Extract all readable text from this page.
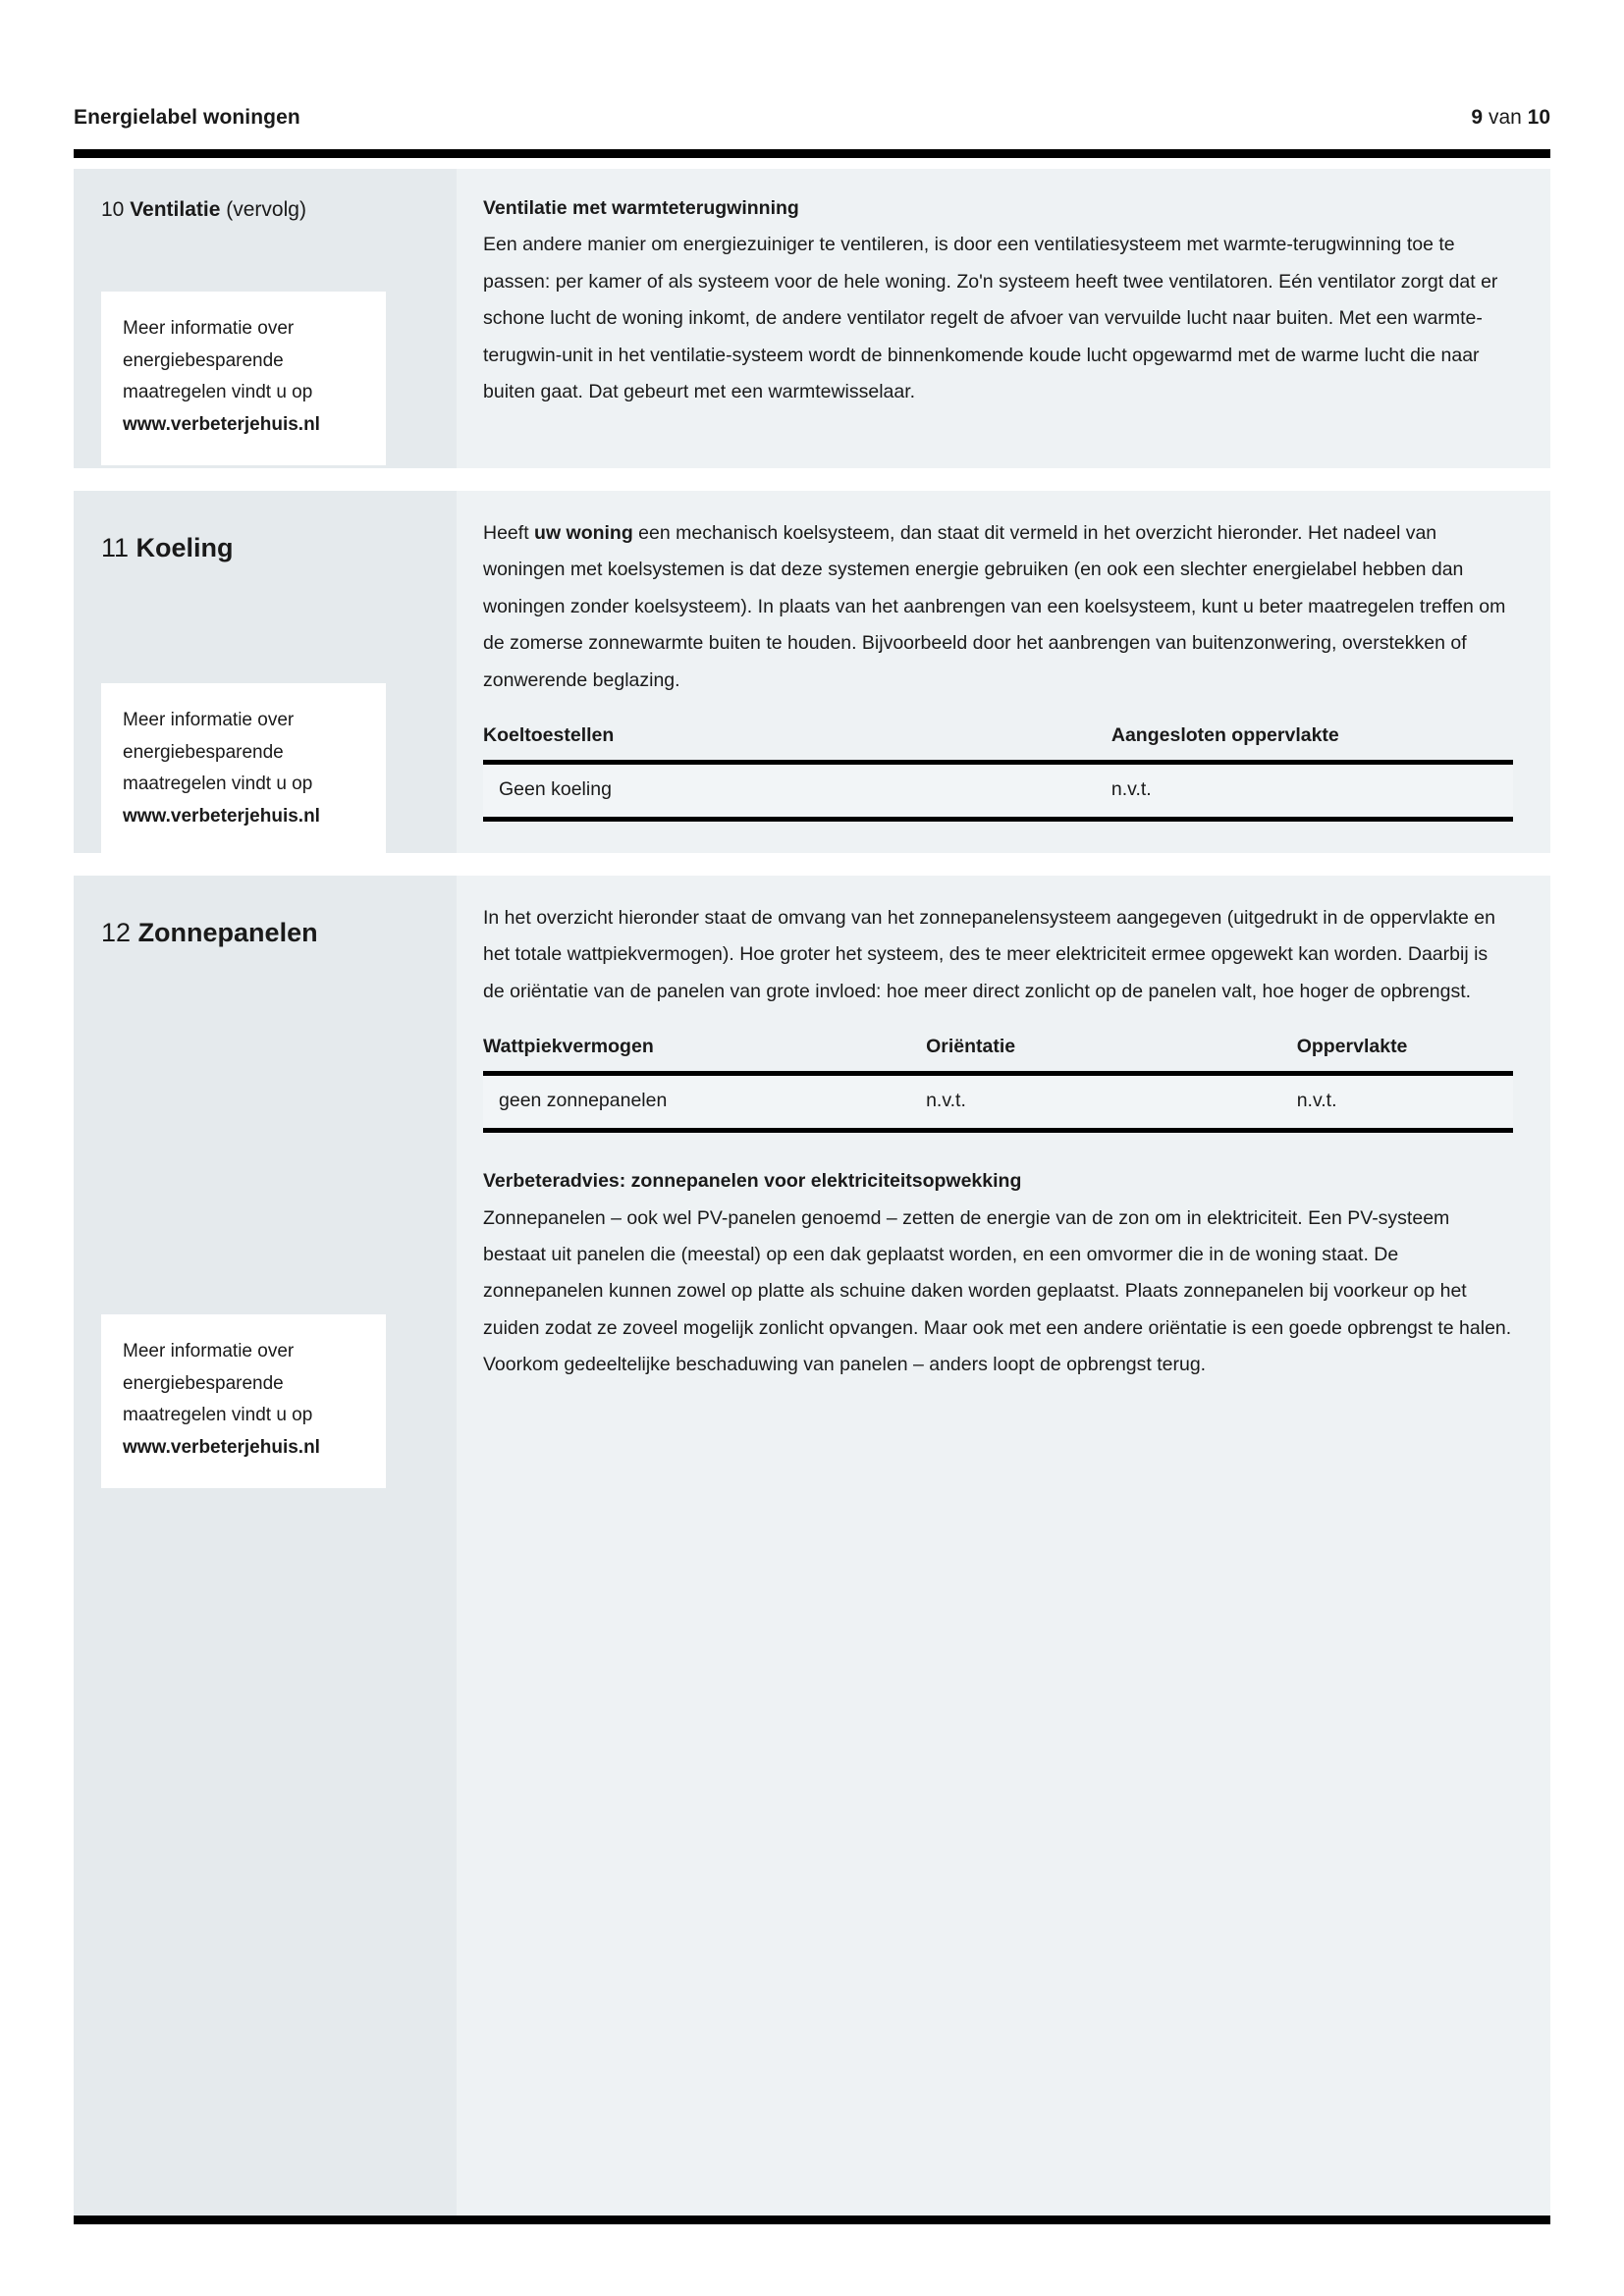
Energielabel woningen	9 van 10
10 Ventilatie (vervolg)
Meer informatie over
energiebesparende
maatregelen vindt u op
www.verbeterjehuis.nl
Ventilatie met warmteterugwinning

Een andere manier om energiezuiniger te ventileren, is door een ventilatiesysteem met warmte-terugwinning toe te passen: per kamer of als systeem voor de hele woning. Zo'n systeem heeft twee ventilatoren. Eén ventilator zorgt dat er schone lucht de woning inkomt, de andere ventilator regelt de afvoer van vervuilde lucht naar buiten. Met een warmte-terugwin-unit in het ventilatie-systeem wordt de binnenkomende koude lucht opgewarmd met de warme lucht die naar buiten gaat. Dat gebeurt met een warmtewisselaar.

11 Koeling
Meer informatie over
energiebesparende
maatregelen vindt u op
www.verbeterjehuis.nl

Heeft uw woning een mechanisch koelsysteem, dan staat dit vermeld in het overzicht hieronder. Het nadeel van woningen met koelsystemen is dat deze systemen energie gebruiken (en ook een slechter energielabel hebben dan woningen zonder koelsysteem). In plaats van het aanbrengen van een koelsysteem, kunt u beter maatregelen treffen om de zomerse zonnewarmte buiten te houden. Bijvoorbeeld door het aanbrengen van buitenzonwering, overstekken of zonwerende beglazing.

Koeltoestellen	Aangesloten oppervlakte
Geen koeling	n.v.t.
12 Zonnepanelen
Meer informatie over
energiebesparende
maatregelen vindt u op
www.verbeterjehuis.nl

In het overzicht hieronder staat de omvang van het zonnepanelensysteem aangegeven (uitgedrukt in de oppervlakte en het totale wattpiekvermogen). Hoe groter het systeem, des te meer elektriciteit ermee opgewekt kan worden. Daarbij is de oriëntatie van de panelen van grote invloed: hoe meer direct zonlicht op de panelen valt, hoe hoger de opbrengst.

Wattpiekvermogen	Oriëntatie	Oppervlakte
geen zonnepanelen	n.v.t.	n.v.t.
Verbeteradvies: zonnepanelen voor elektriciteitsopwekking

Zonnepanelen – ook wel PV-panelen genoemd – zetten de energie van de zon om in elektriciteit. Een PV-systeem bestaat uit panelen die (meestal) op een dak geplaatst worden, en een omvormer die in de woning staat. De zonnepanelen kunnen zowel op platte als schuine daken worden geplaatst. Plaats zonnepanelen bij voorkeur op het zuiden zodat ze zoveel mogelijk zonlicht opvangen. Maar ook met een andere oriëntatie is een goede opbrengst te halen. Voorkom gedeeltelijke beschaduwing van panelen – anders loopt de opbrengst terug.
